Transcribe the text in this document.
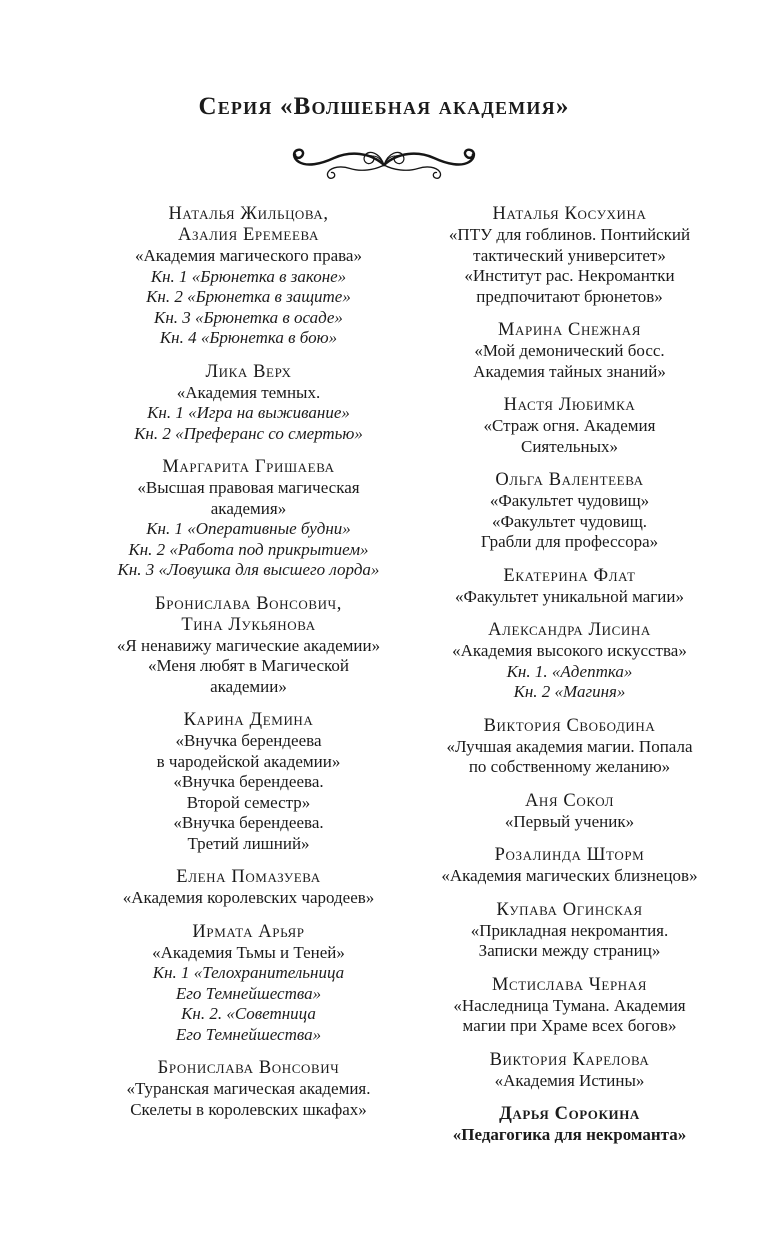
Серия «Волшебная академия»
Наталья Жильцова,
Азалия Еремеева
«Академия магического права»
Кн. 1 «Брюнетка в законе»
Кн. 2 «Брюнетка в защите»
Кн. 3 «Брюнетка в осаде»
Кн. 4 «Брюнетка в бою»
Лика Верх
«Академия темных.
Кн. 1 «Игра на выживание»
Кн. 2 «Преферанс со смертью»
Маргарита Гришаева
«Высшая правовая магическая
академия»
Кн. 1 «Оперативные будни»
Кн. 2 «Работа под прикрытием»
Кн. 3 «Ловушка для высшего лорда»
Бронислава Вонсович,
Тина Лукьянова
«Я ненавижу магические академии»
«Меня любят в Магической
академии»
Карина Демина
«Внучка берендеева
в чародейской академии»
«Внучка берендеева.
Второй семестр»
«Внучка берендеева.
Третий лишний»
Елена Помазуева
«Академия королевских чародеев»
Ирмата Арьяр
«Академия Тьмы и Теней»
Кн. 1 «Телохранительница
Его Темнейшества»
Кн. 2. «Советница
Его Темнейшества»
Бронислава Вонсович
«Туранская магическая академия.
Скелеты в королевских шкафах»
Наталья Косухина
«ПТУ для гоблинов. Понтийский
тактический университет»
«Институт рас. Некромантки
предпочитают брюнетов»
Марина Снежная
«Мой демонический босс.
Академия тайных знаний»
Настя Любимка
«Страж огня. Академия
Сиятельных»
Ольга Валентеева
«Факультет чудовищ»
«Факультет чудовищ.
Грабли для профессора»
Екатерина Флат
«Факультет уникальной магии»
Александра Лисина
«Академия высокого искусства»
Кн. 1. «Адептка»
Кн. 2 «Магиня»
Виктория Свободина
«Лучшая академия магии. Попала
по собственному желанию»
Аня Сокол
«Первый ученик»
Розалинда Шторм
«Академия магических близнецов»
Купава Огинская
«Прикладная некромантия.
Записки между страниц»
Мстислава Черная
«Наследница Тумана. Академия
магии при Храме всех богов»
Виктория Карелова
«Академия Истины»
Дарья Сорокина
«Педагогика для некроманта»
